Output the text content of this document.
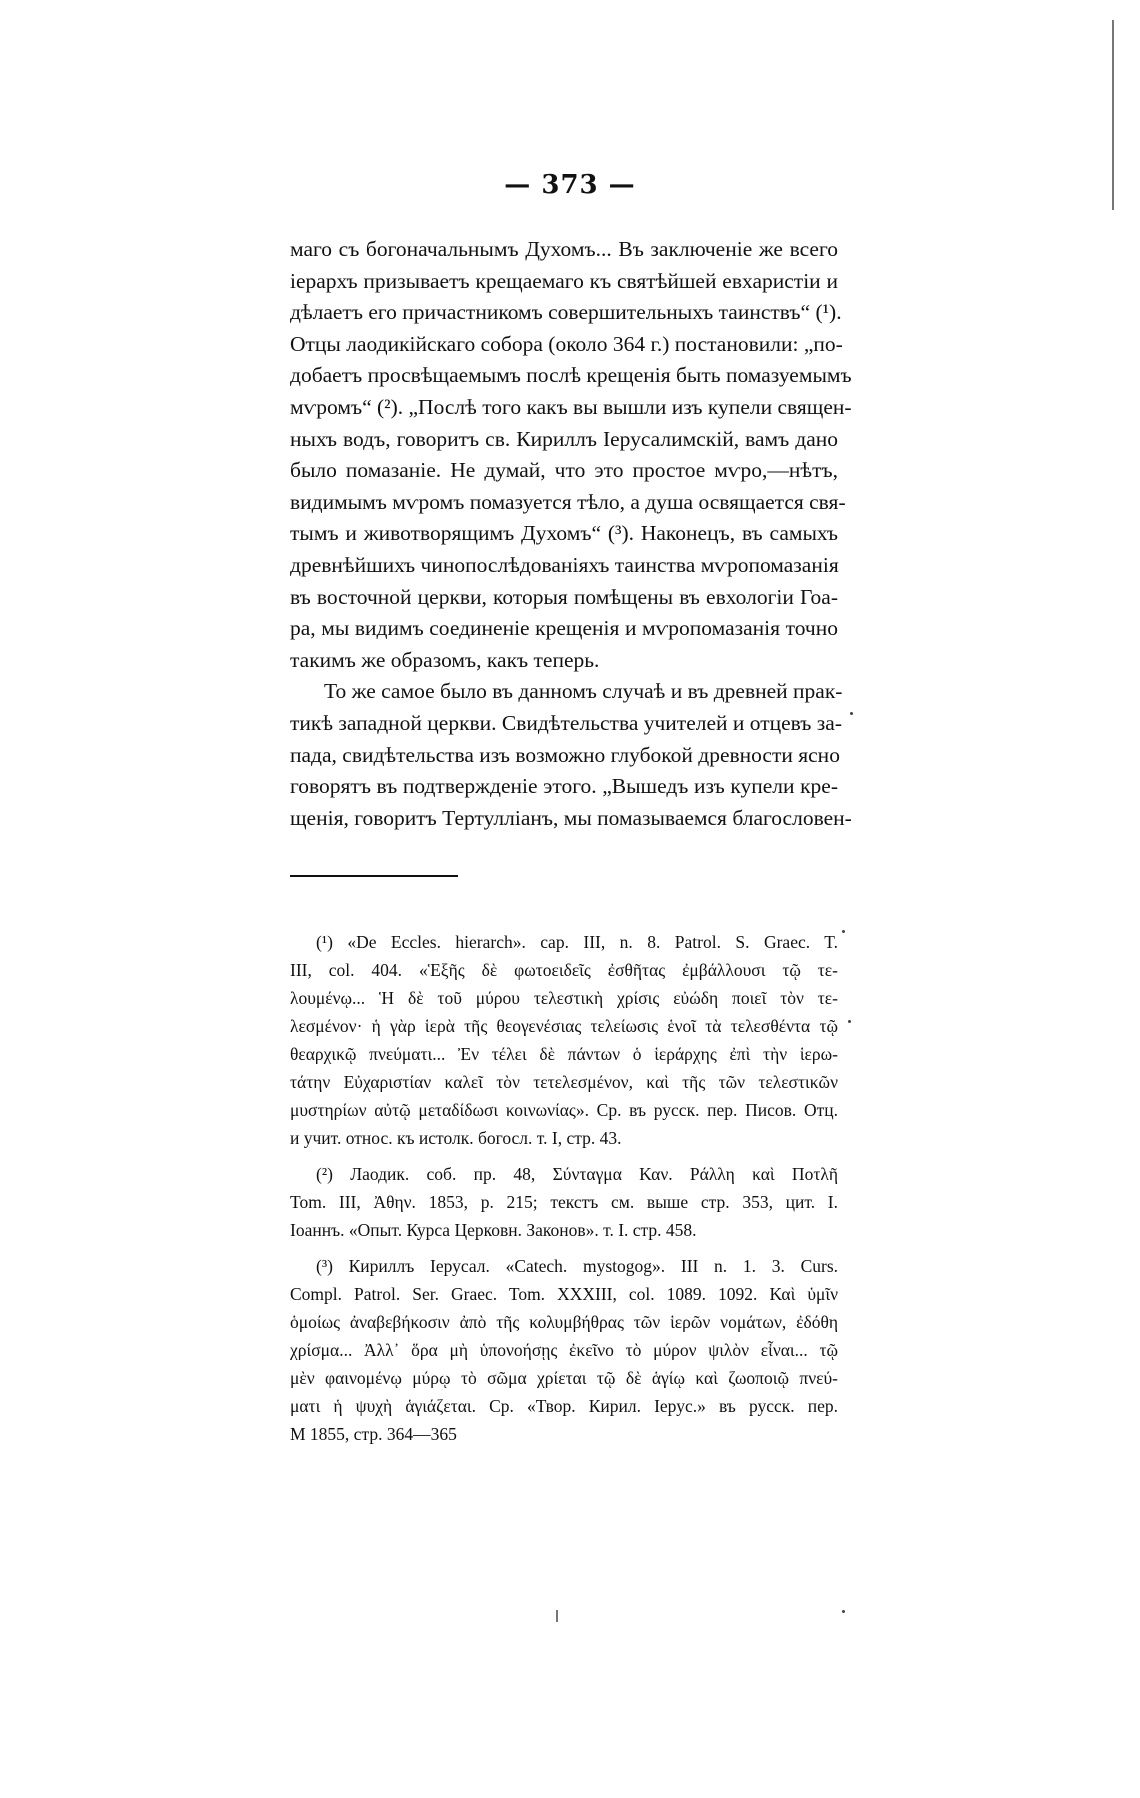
— 373 —
маго съ богоначальнымъ Духомъ... Въ заключеніе же всего
іерархъ призываетъ крещаемаго къ святѣйшей евхаристіи и
дѣлаетъ его причастникомъ совершительныхъ таинствъ“ (¹).
Отцы лаодикійскаго собора (около 364 г.) постановили: „по-
добаетъ просвѣщаемымъ послѣ крещенія быть помазуемымъ
мѵромъ“ (²). „Послѣ того какъ вы вышли изъ купели священ-
ныхъ водъ, говоритъ св. Кириллъ Іерусалимскій, вамъ дано
было помазаніе. Не думай, что это простое мѵро,—нѣтъ,
видимымъ мѵромъ помазуется тѣло, а душа освящается свя-
тымъ и животворящимъ Духомъ“ (³). Наконецъ, въ самыхъ
древнѣйшихъ чинопослѣдованіяхъ таинства мѵропомазанія
въ восточной церкви, которыя помѣщены въ евхологіи Гоа-
ра, мы видимъ соединеніе крещенія и мѵропомазанія точно
такимъ же образомъ, какъ теперь.
То же самое было въ данномъ случаѣ и въ древней прак-
тикѣ западной церкви. Свидѣтельства учителей и отцевъ за-
пада, свидѣтельства изъ возможно глубокой древности ясно
говорятъ въ подтвержденіе этого. „Вышедъ изъ купели кре-
щенія, говоритъ Тертулліанъ, мы помазываемся благословен-
(¹) «De Eccles. hierarch». cap. III, n. 8. Patrol. S. Graec. T.
III, col. 404. «Ἑξῆς δὲ φωτοειδεῖς ἐσθῆτας ἐμβάλλουσι τῷ τε-
λουμένῳ... Ἡ δὲ τοῦ μύρου τελεστικὴ χρίσις εὐώδη ποιεῖ τὸν τε-
λεσμένον· ἡ γὰρ ἱερὰ τῆς θεογενέσιας τελείωσις ἑνοῖ τὰ τελεσθέντα τῷ
θεαρχικῷ πνεύματι... Ἐν τέλει δὲ πάντων ὁ ἱεράρχης ἐπὶ τὴν ἱερω-
τάτην Εὐχαριστίαν καλεῖ τὸν τετελεσμένον, καὶ τῆς τῶν τελεστικῶν
μυστηρίων αὐτῷ μεταδίδωσι κοινωνίας». Ср. въ русск. пер. Писов. Отц.
и учит. относ. къ истолк. богосл. т. I, стр. 43.
(²) Лаодик. соб. пр. 48, Σύνταγμα Καν. Ράλλη καὶ Ποτλῆ
Tom. III, Ἀθην. 1853, p. 215; текстъ см. выше стр. 353, цит. I.
Іоаннъ. «Опыт. Курса Церковн. Законов». т. I. стр. 458.
(³) Кириллъ Іерусал. «Catech. mystogog». III n. 1. 3. Curs.
Compl. Patrol. Ser. Graec. Tom. XXXIII, col. 1089. 1092. Καὶ ὑμῖν
ὁμοίως ἀναβεβήκοσιν ἀπὸ τῆς κολυμβήθρας τῶν ἱερῶν νομάτων, ἐδόθη
χρίσμα... Ἀλλ᾽ ὅρα μὴ ὑπονοήσῃς ἐκεῖνο τὸ μύρον ψιλὸν εἶναι... τῷ
μὲν φαινομένῳ μύρῳ τὸ σῶμα χρίεται τῷ δὲ ἁγίῳ καὶ ζωοποιῷ πνεύ-
ματι ἡ ψυχὴ ἁγιάζεται. Ср. «Твор. Кирил. Іерус.» въ русск. пер.
М 1855, стр. 364—365
